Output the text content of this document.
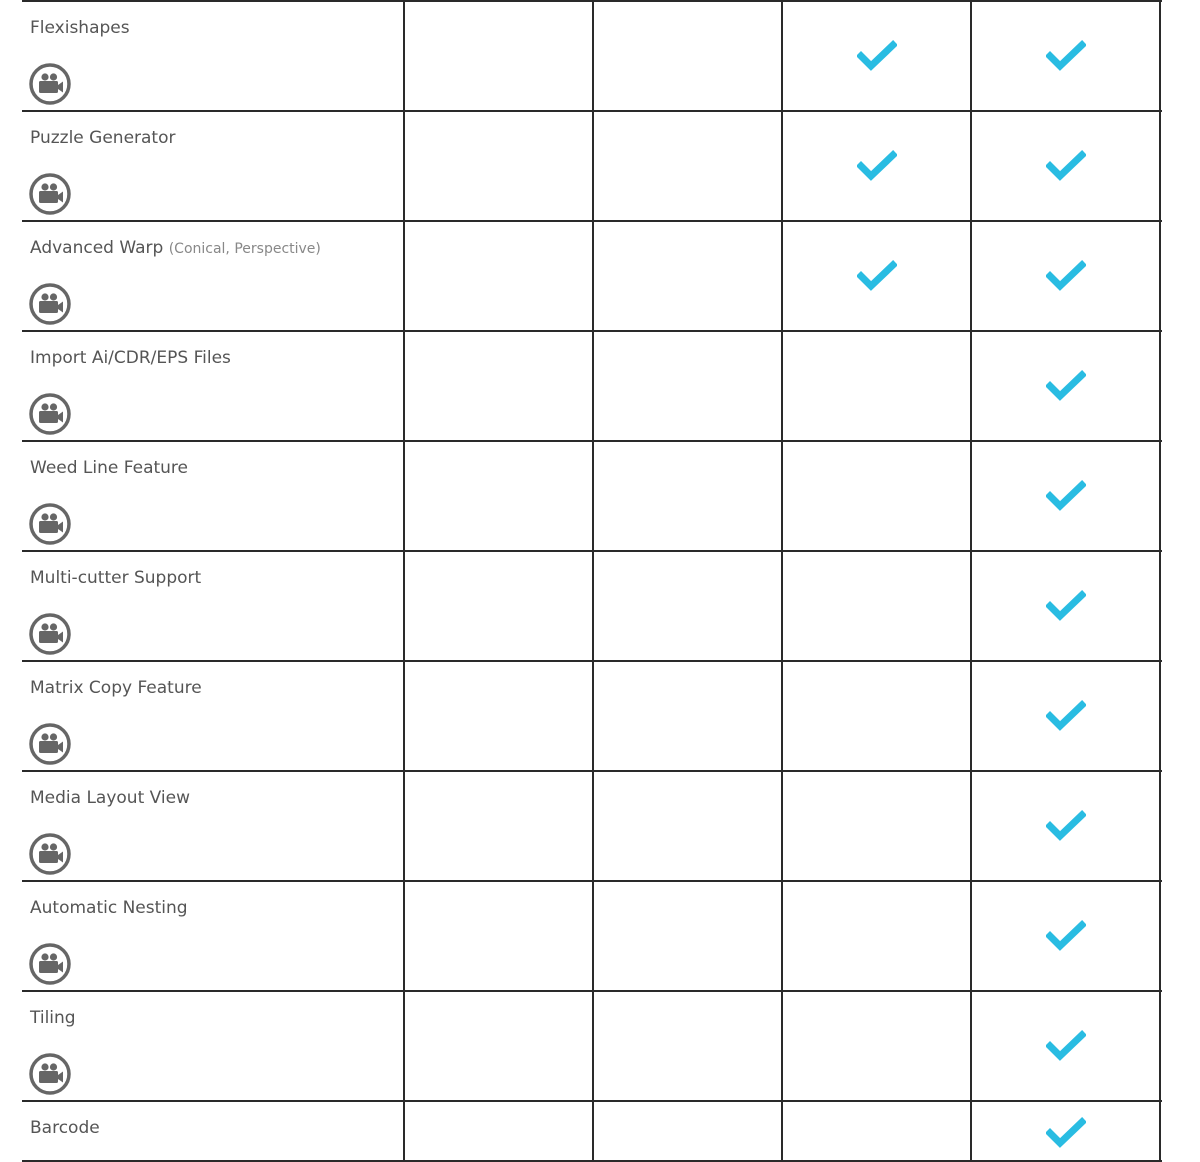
Flexishapes
Puzzle Generator
Advanced Warp (Conical, Perspective)
Import Ai/CDR/EPS Files
Weed Line Feature
Multi-cutter Support
Matrix Copy Feature
Media Layout View
Automatic Nesting
Tiling
Barcode
